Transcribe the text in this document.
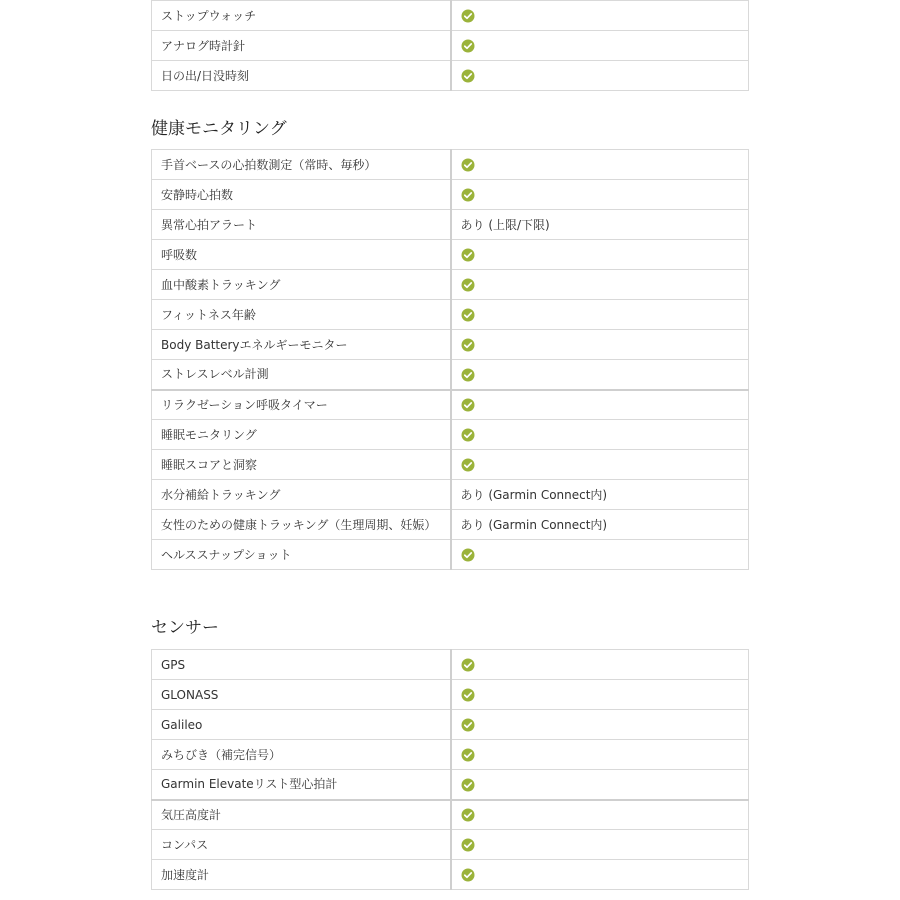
ストップウォッチ	

アナログ時計針	

日の出/日没時刻	
健康モニタリング
手首ベースの心拍数測定（常時、毎秒）	

安静時心拍数	

異常心拍アラート	あり (上限/下限)
呼吸数	

血中酸素トラッキング	

フィットネス年齢	

Body Batteryエネルギーモニター	

ストレスレベル計測	

リラクゼーション呼吸タイマー	

睡眠モニタリング	

睡眠スコアと洞察	

水分補給トラッキング	あり (Garmin Connect内)
女性のための健康トラッキング（生理周期、妊娠）	あり (Garmin Connect内)
ヘルススナップショット	
センサー
GPS	

GLONASS	

Galileo	

みちびき（補完信号）	

Garmin Elevateリスト型心拍計	

気圧高度計	

コンパス	

加速度計	
